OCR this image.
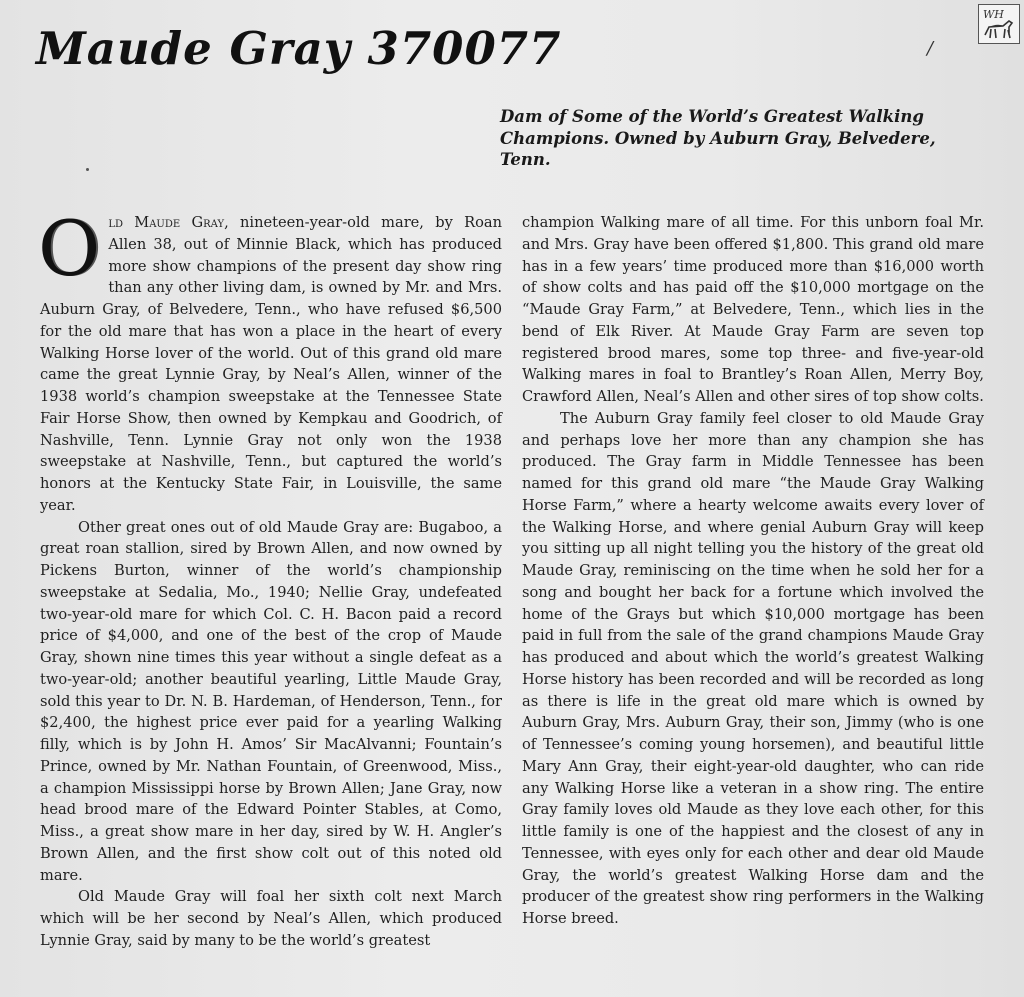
Maude Gray 370077
WH
/

Dam of Some of the World’s Greatest Walking Champions. Owned by Auburn Gray, Belvedere, Tenn.

Old Maude Gray, nineteen-year-old mare, by Roan Allen 38, out of Minnie Black, which has produced more show champions of the present day show ring than any other living dam, is owned by Mr. and Mrs. Auburn Gray, of Belvedere, Tenn., who have refused $6,500 for the old mare that has won a place in the heart of every Walking Horse lover of the world. Out of this grand old mare came the great Lynnie Gray, by Neal’s Allen, winner of the 1938 world’s champion sweepstake at the Tennessee State Fair Horse Show, then owned by Kempkau and Goodrich, of Nashville, Tenn. Lynnie Gray not only won the 1938 sweepstake at Nashville, Tenn., but captured the world’s honors at the Kentucky State Fair, in Louisville, the same year.

Other great ones out of old Maude Gray are: Bugaboo, a great roan stallion, sired by Brown Allen, and now owned by Pickens Burton, winner of the world’s championship sweepstake at Sedalia, Mo., 1940; Nellie Gray, undefeated two-year-old mare for which Col. C. H. Bacon paid a record price of $4,000, and one of the best of the crop of Maude Gray, shown nine times this year without a single defeat as a two-year-old; another beautiful yearling, Little Maude Gray, sold this year to Dr. N. B. Hardeman, of Henderson, Tenn., for $2,400, the highest price ever paid for a yearling Walking filly, which is by John H. Amos’ Sir MacAlvanni; Fountain’s Prince, owned by Mr. Nathan Fountain, of Greenwood, Miss., a champion Mississippi horse by Brown Allen; Jane Gray, now head brood mare of the Edward Pointer Stables, at Como, Miss., a great show mare in her day, sired by W. H. Angler’s Brown Allen, and the first show colt out of this noted old mare.

Old Maude Gray will foal her sixth colt next March which will be her second by Neal’s Allen, which produced Lynnie Gray, said by many to be the world’s greatest

champion Walking mare of all time. For this unborn foal Mr. and Mrs. Gray have been offered $1,800. This grand old mare has in a few years’ time produced more than $16,000 worth of show colts and has paid off the $10,000 mortgage on the “Maude Gray Farm,” at Belvedere, Tenn., which lies in the bend of Elk River. At Maude Gray Farm are seven top registered brood mares, some top three- and five-year-old Walking mares in foal to Brantley’s Roan Allen, Merry Boy, Crawford Allen, Neal’s Allen and other sires of top show colts.

The Auburn Gray family feel closer to old Maude Gray and perhaps love her more than any champion she has produced. The Gray farm in Middle Tennessee has been named for this grand old mare “the Maude Gray Walking Horse Farm,” where a hearty welcome awaits every lover of the Walking Horse, and where genial Auburn Gray will keep you sitting up all night telling you the history of the great old Maude Gray, reminiscing on the time when he sold her for a song and bought her back for a fortune which involved the home of the Grays but which $10,000 mortgage has been paid in full from the sale of the grand champions Maude Gray has produced and about which the world’s greatest Walking Horse history has been recorded and will be recorded as long as there is life in the great old mare which is owned by Auburn Gray, Mrs. Auburn Gray, their son, Jimmy (who is one of Tennessee’s coming young horsemen), and beautiful little Mary Ann Gray, their eight-year-old daughter, who can ride any Walking Horse like a veteran in a show ring. The entire Gray family loves old Maude as they love each other, for this little family is one of the happiest and the closest of any in Tennessee, with eyes only for each other and dear old Maude Gray, the world’s greatest Walking Horse dam and the producer of the greatest show ring performers in the Walking Horse breed.
